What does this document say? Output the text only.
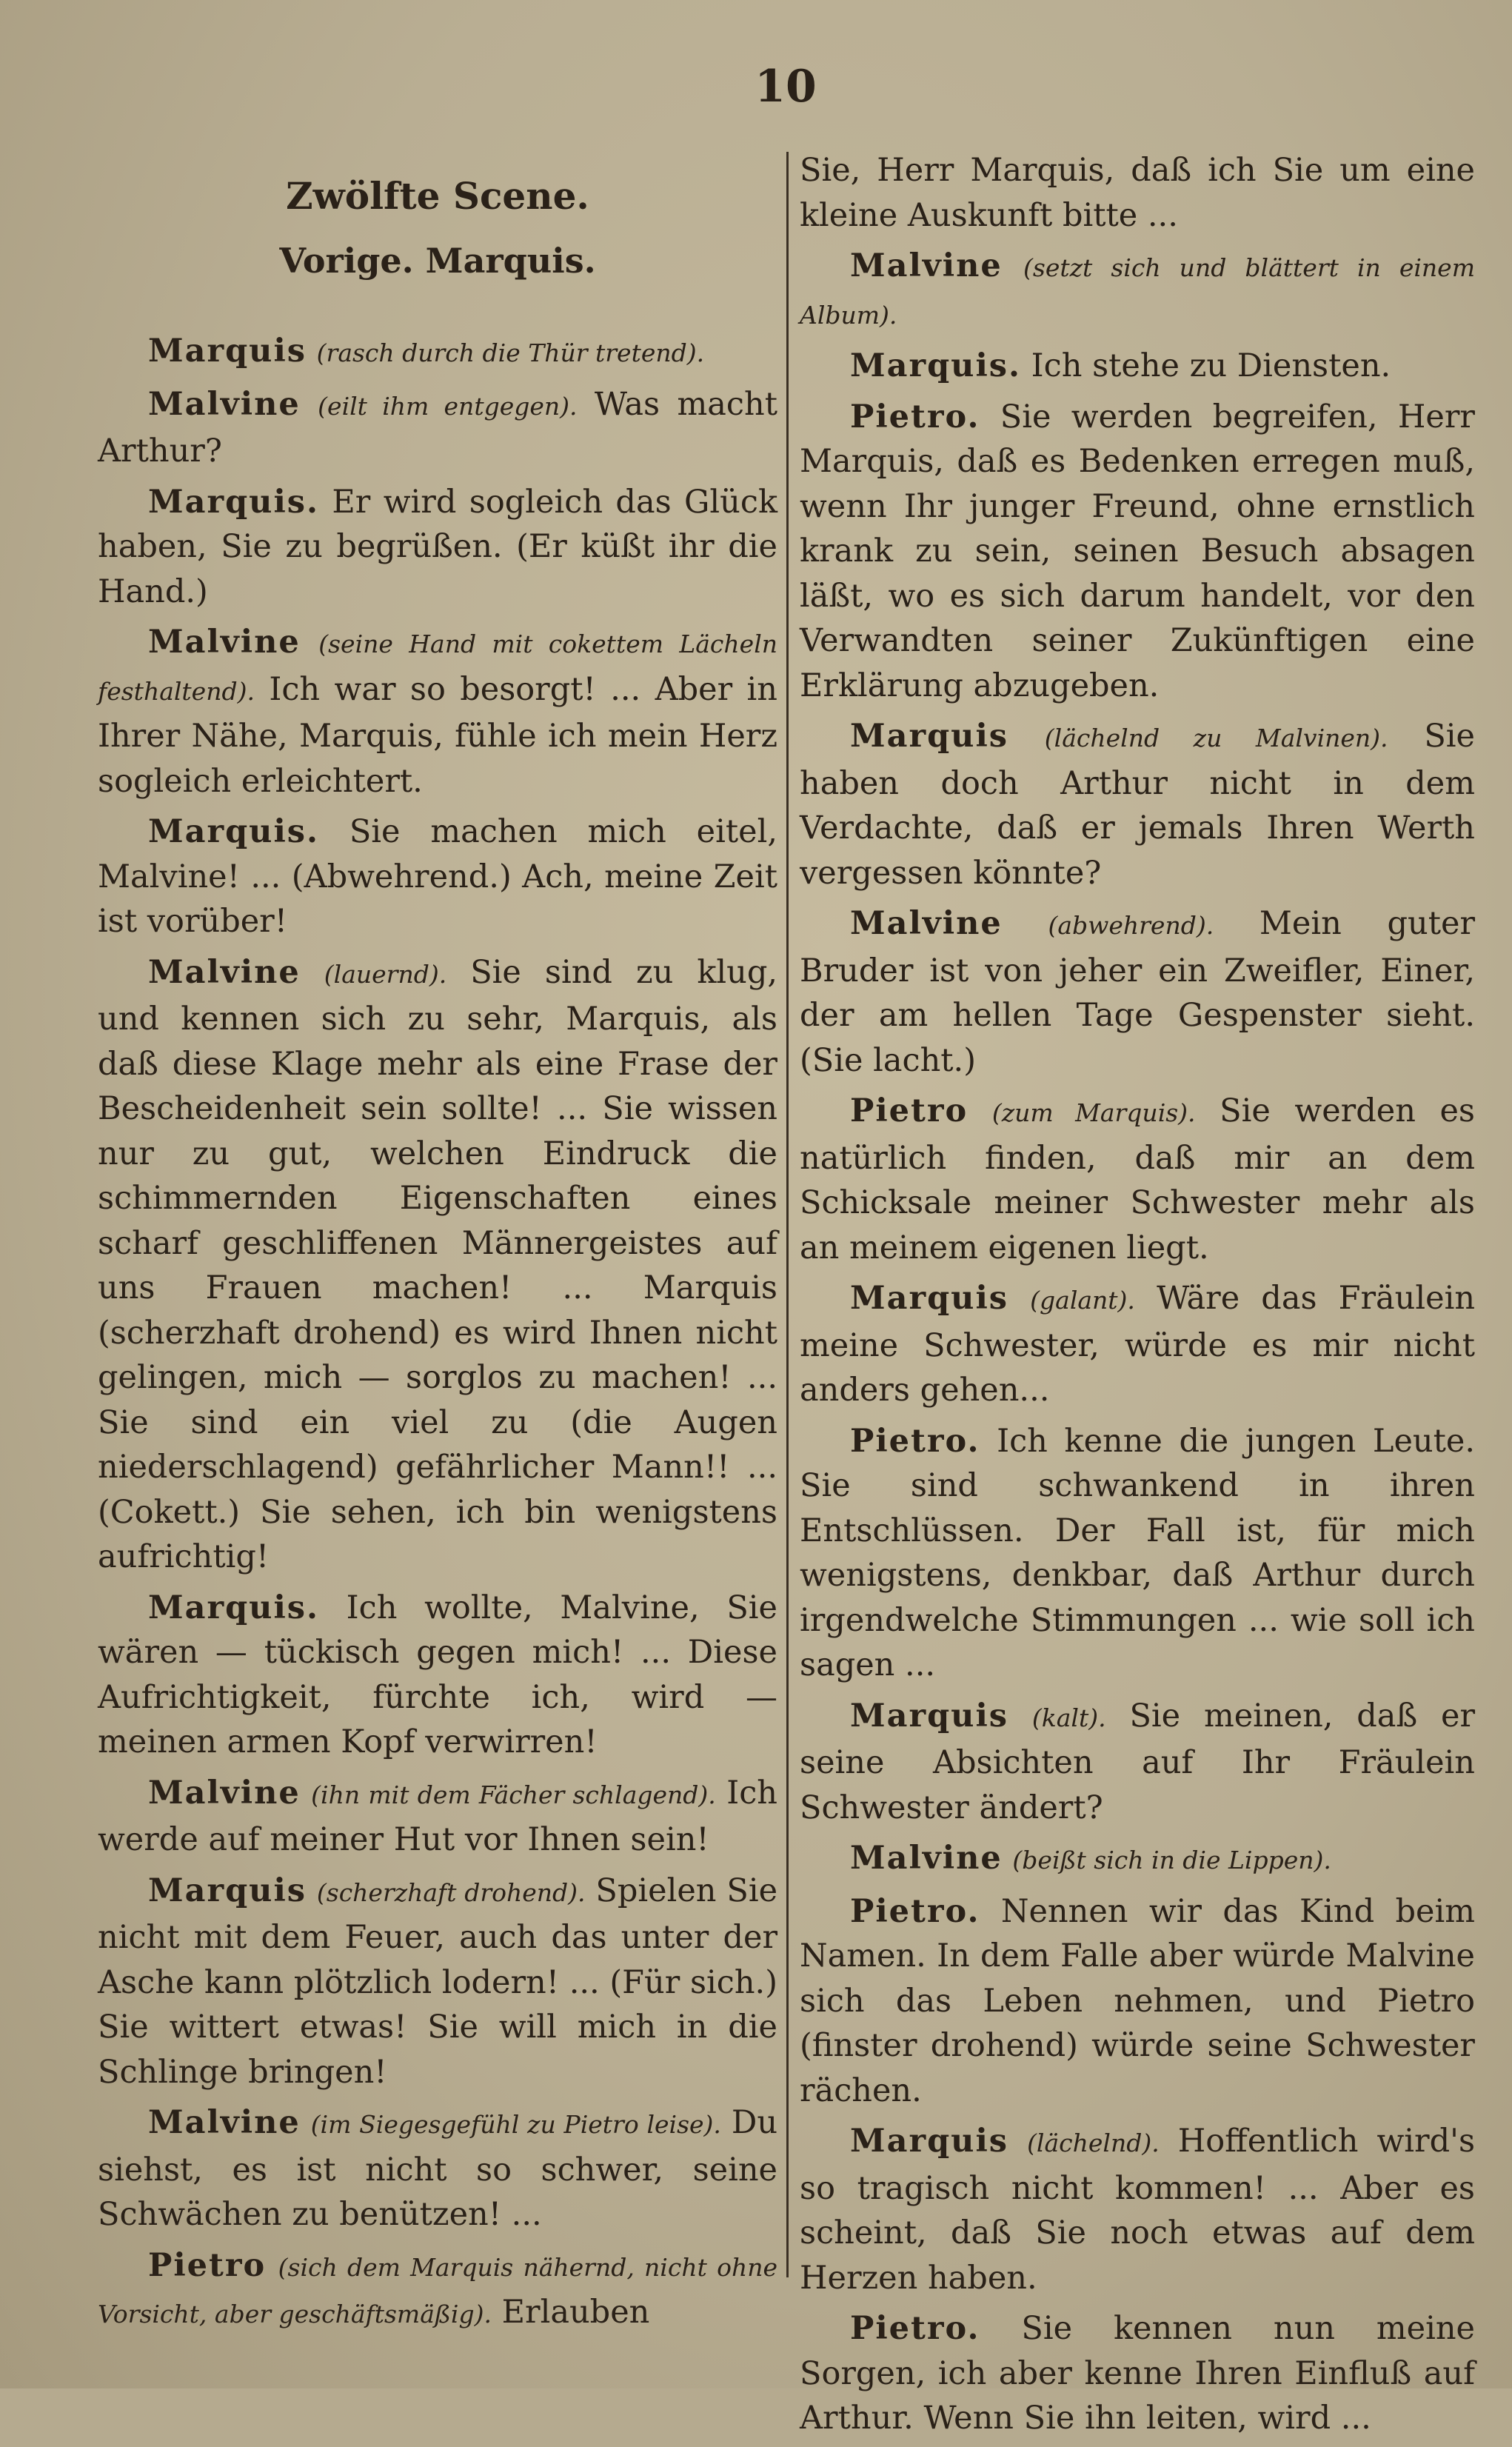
10
Zwölfte Scene.
Vorige. Marquis.

Marquis (rasch durch die Thür tretend).

Malvine (eilt ihm entgegen). Was macht Arthur?

Marquis. Er wird sogleich das Glück haben, Sie zu begrüßen. (Er küßt ihr die Hand.)

Malvine (seine Hand mit cokettem Lächeln festhaltend). Ich war so besorgt! ... Aber in Ihrer Nähe, Marquis, fühle ich mein Herz sogleich erleichtert.

Marquis. Sie machen mich eitel, Malvine! ... (Abwehrend.) Ach, meine Zeit ist vorüber!

Malvine (lauernd). Sie sind zu klug, und kennen sich zu sehr, Marquis, als daß diese Klage mehr als eine Frase der Bescheidenheit sein sollte! ... Sie wissen nur zu gut, welchen Eindruck die schimmernden Eigenschaften eines scharf geschliffenen Männergeistes auf uns Frauen machen! ... Marquis (scherzhaft drohend) es wird Ihnen nicht gelingen, mich — sorglos zu machen! ... Sie sind ein viel zu (die Augen niederschlagend) gefährlicher Mann!! ... (Cokett.) Sie sehen, ich bin wenigstens aufrichtig!

Marquis. Ich wollte, Malvine, Sie wären — tückisch gegen mich! ... Diese Aufrichtigkeit, fürchte ich, wird — meinen armen Kopf verwirren!

Malvine (ihn mit dem Fächer schlagend). Ich werde auf meiner Hut vor Ihnen sein!

Marquis (scherzhaft drohend). Spielen Sie nicht mit dem Feuer, auch das unter der Asche kann plötzlich lodern! ... (Für sich.) Sie wittert etwas! Sie will mich in die Schlinge bringen!

Malvine (im Siegesgefühl zu Pietro leise). Du siehst, es ist nicht so schwer, seine Schwächen zu benützen! ...

Pietro (sich dem Marquis nähernd, nicht ohne Vorsicht, aber geschäftsmäßig). Erlauben

Sie, Herr Marquis, daß ich Sie um eine kleine Auskunft bitte ...

Malvine (setzt sich und blättert in einem Album).

Marquis. Ich stehe zu Diensten.

Pietro. Sie werden begreifen, Herr Marquis, daß es Bedenken erregen muß, wenn Ihr junger Freund, ohne ernstlich krank zu sein, seinen Besuch absagen läßt, wo es sich darum handelt, vor den Verwandten seiner Zukünftigen eine Erklärung abzugeben.

Marquis (lächelnd zu Malvinen). Sie haben doch Arthur nicht in dem Verdachte, daß er jemals Ihren Werth vergessen könnte?

Malvine (abwehrend). Mein guter Bruder ist von jeher ein Zweifler, Einer, der am hellen Tage Gespenster sieht. (Sie lacht.)

Pietro (zum Marquis). Sie werden es natürlich finden, daß mir an dem Schicksale meiner Schwester mehr als an meinem eigenen liegt.

Marquis (galant). Wäre das Fräulein meine Schwester, würde es mir nicht anders gehen...

Pietro. Ich kenne die jungen Leute. Sie sind schwankend in ihren Entschlüssen. Der Fall ist, für mich wenigstens, denkbar, daß Arthur durch irgendwelche Stimmungen ... wie soll ich sagen ...

Marquis (kalt). Sie meinen, daß er seine Absichten auf Ihr Fräulein Schwester ändert?

Malvine (beißt sich in die Lippen).

Pietro. Nennen wir das Kind beim Namen. In dem Falle aber würde Malvine sich das Leben nehmen, und Pietro (finster drohend) würde seine Schwester rächen.

Marquis (lächelnd). Hoffentlich wird's so tragisch nicht kommen! ... Aber es scheint, daß Sie noch etwas auf dem Herzen haben.

Pietro. Sie kennen nun meine Sorgen, ich aber kenne Ihren Einfluß auf Arthur. Wenn Sie ihn leiten, wird ...
